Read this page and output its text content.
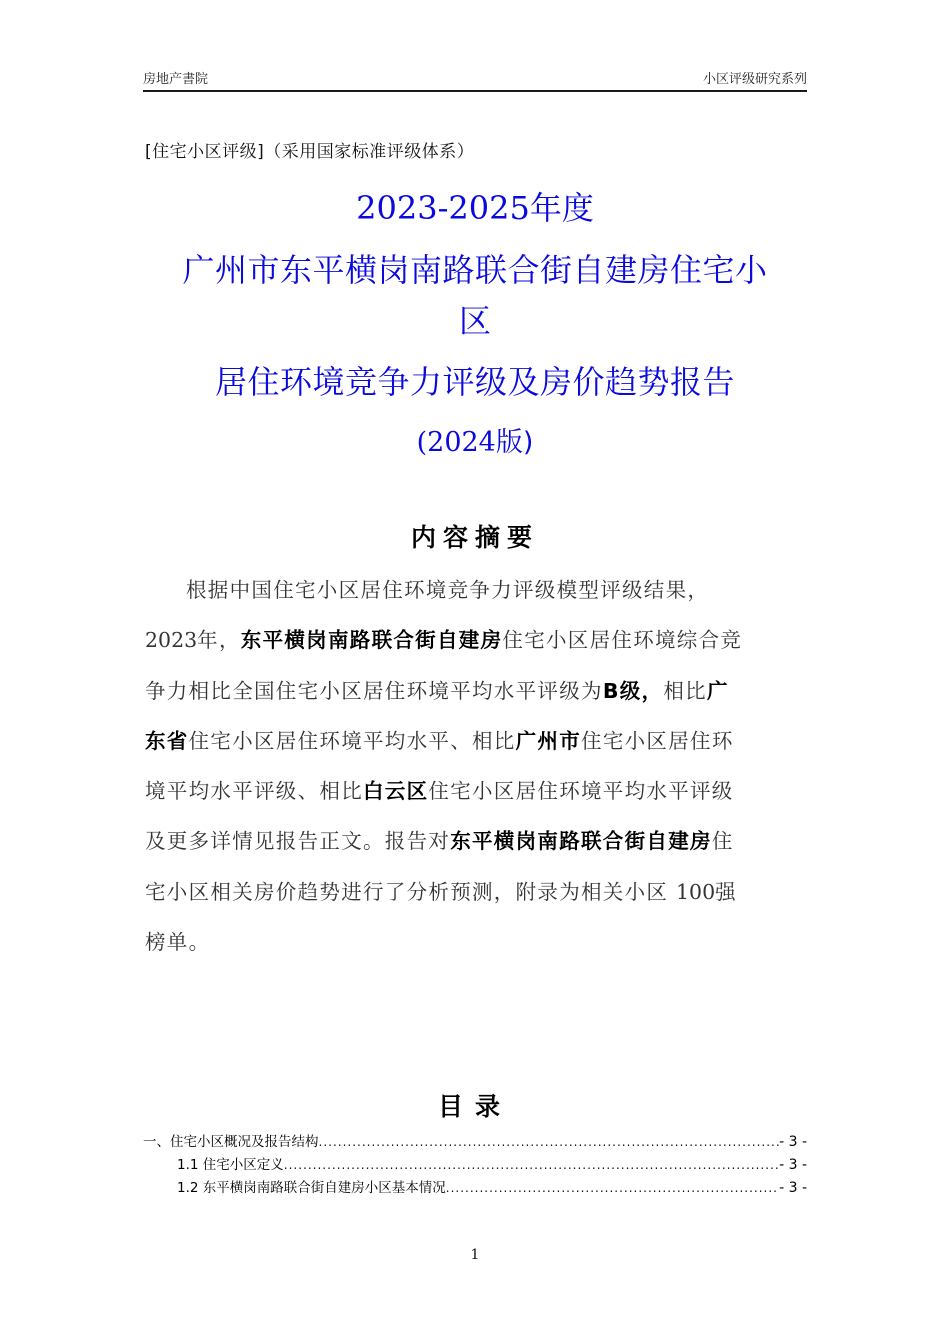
房地产書院	小区评级研究系列
[住宅小区评级]（采用国家标准评级体系）
2023-2025年度
广州市东平横岗南路联合街自建房住宅小
区
居住环境竞争力评级及房价趋势报告
(2024版)
内容摘要
根据中国住宅小区居住环境竞争力评级模型评级结果，
2023年，东平横岗南路联合街自建房住宅小区居住环境综合竞
争力相比全国住宅小区居住环境平均水平评级为B级，相比广
东省住宅小区居住环境平均水平、相比广州市住宅小区居住环
境平均水平评级、相比白云区住宅小区居住环境平均水平评级
及更多详情见报告正文。报告对东平横岗南路联合街自建房住
宅小区相关房价趋势进行了分析预测，附录为相关小区 100强
榜单。
目录
一、住宅小区概况及报告结构 .....	- 3 -
1.1 住宅小区定义 .....	- 3 -
1.2 东平横岗南路联合街自建房小区基本情况 .....	- 3 -
1
